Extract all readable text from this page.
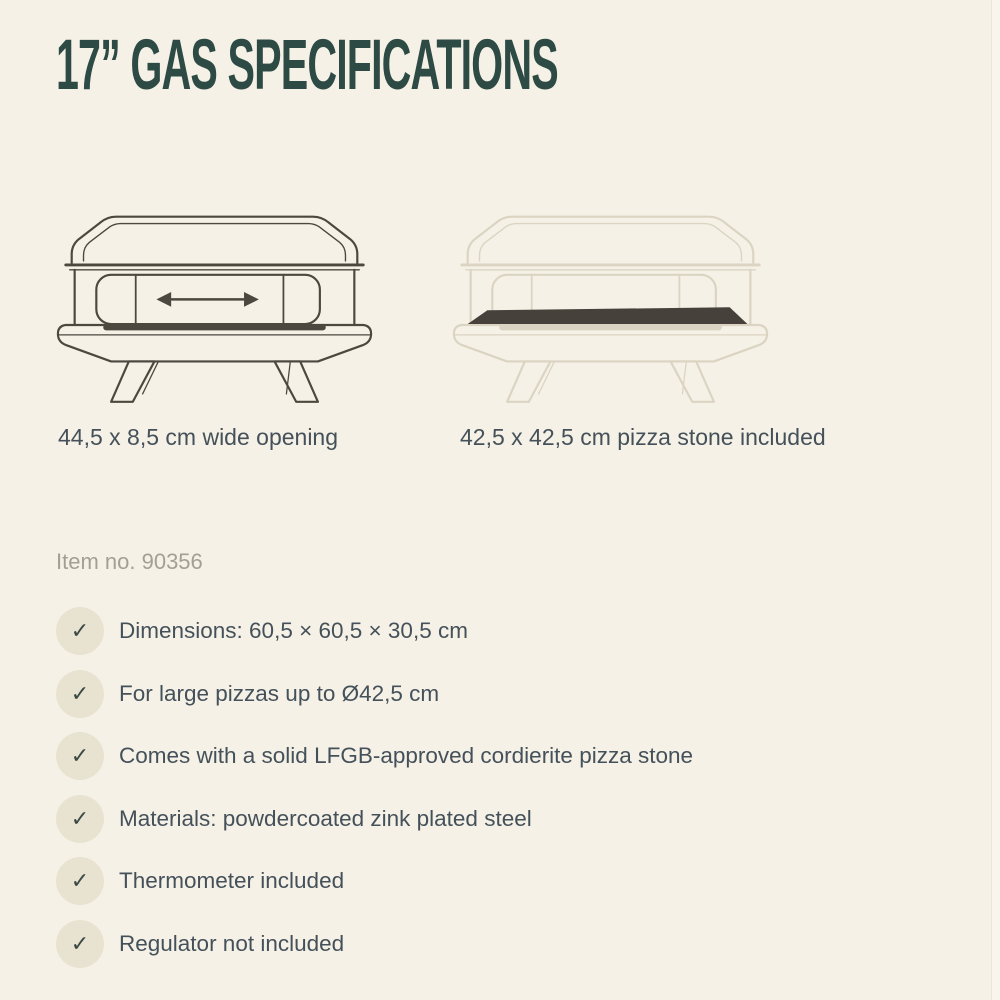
17” GAS SPECIFICATIONS
44,5 x 8,5 cm wide opening	42,5 x 42,5 cm pizza stone included

Item no. 90356

✓	Dimensions: 60,5 × 60,5 × 30,5 cm
✓	For large pizzas up to Ø42,5 cm
✓	Comes with a solid LFGB-approved cordierite pizza stone
✓	Materials: powdercoated zink plated steel
✓	Thermometer included
✓	Regulator not included
